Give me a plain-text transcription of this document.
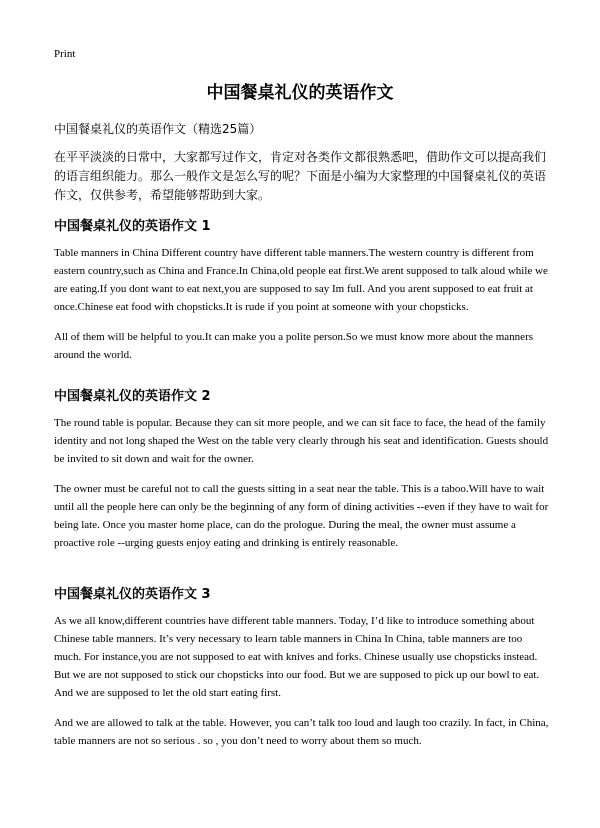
Print
中国餐桌礼仪的英语作文
中国餐桌礼仪的英语作文（精选25篇）

在平平淡淡的日常中，大家都写过作文，肯定对各类作文都很熟悉吧，借助作文可以提高我们的语言组织能力。那么一般作文是怎么写的呢？下面是小编为大家整理的中国餐桌礼仪的英语作文，仅供参考，希望能够帮助到大家。

中国餐桌礼仪的英语作文 1

Table manners in China Different country have different table manners.The western country is different from eastern country,such as China and France.In China,old people eat first.We arent supposed to talk aloud while we are eating.If you dont want to eat next,you are supposed to say Im full. And you arent supposed to eat fruit at once.Chinese eat food with chopsticks.It is rude if you point at someone with your chopsticks.

All of them will be helpful to you.It can make you a polite person.So we must know more about the manners around the world.

中国餐桌礼仪的英语作文 2

The round table is popular. Because they can sit more people, and we can sit face to face, the head of the family identity and not long shaped the West on the table very clearly through his seat and identification. Guests should be invited to sit down and wait for the owner.

The owner must be careful not to call the guests sitting in a seat near the table. This is a taboo.Will have to wait until all the people here can only be the beginning of any form of dining activities --even if they have to wait for being late. Once you master home place, can do the prologue. During the meal, the owner must assume a proactive role --urging guests enjoy eating and drinking is entirely reasonable.

中国餐桌礼仪的英语作文 3

As we all know,different countries have different table manners. Today, I’d like to introduce something about Chinese table manners. It’s very necessary to learn table manners in China In China, table manners are too much. For instance,you are not supposed to eat with knives and forks. Chinese usually use chopsticks instead. But we are not supposed to stick our chopsticks into our food. But we are supposed to pick up our bowl to eat. And we are supposed to let the old start eating first.

And we are allowed to talk at the table. However, you can’t talk too loud and laugh too crazily. In fact, in China, table manners are not so serious . so , you don’t need to worry about them so much.
